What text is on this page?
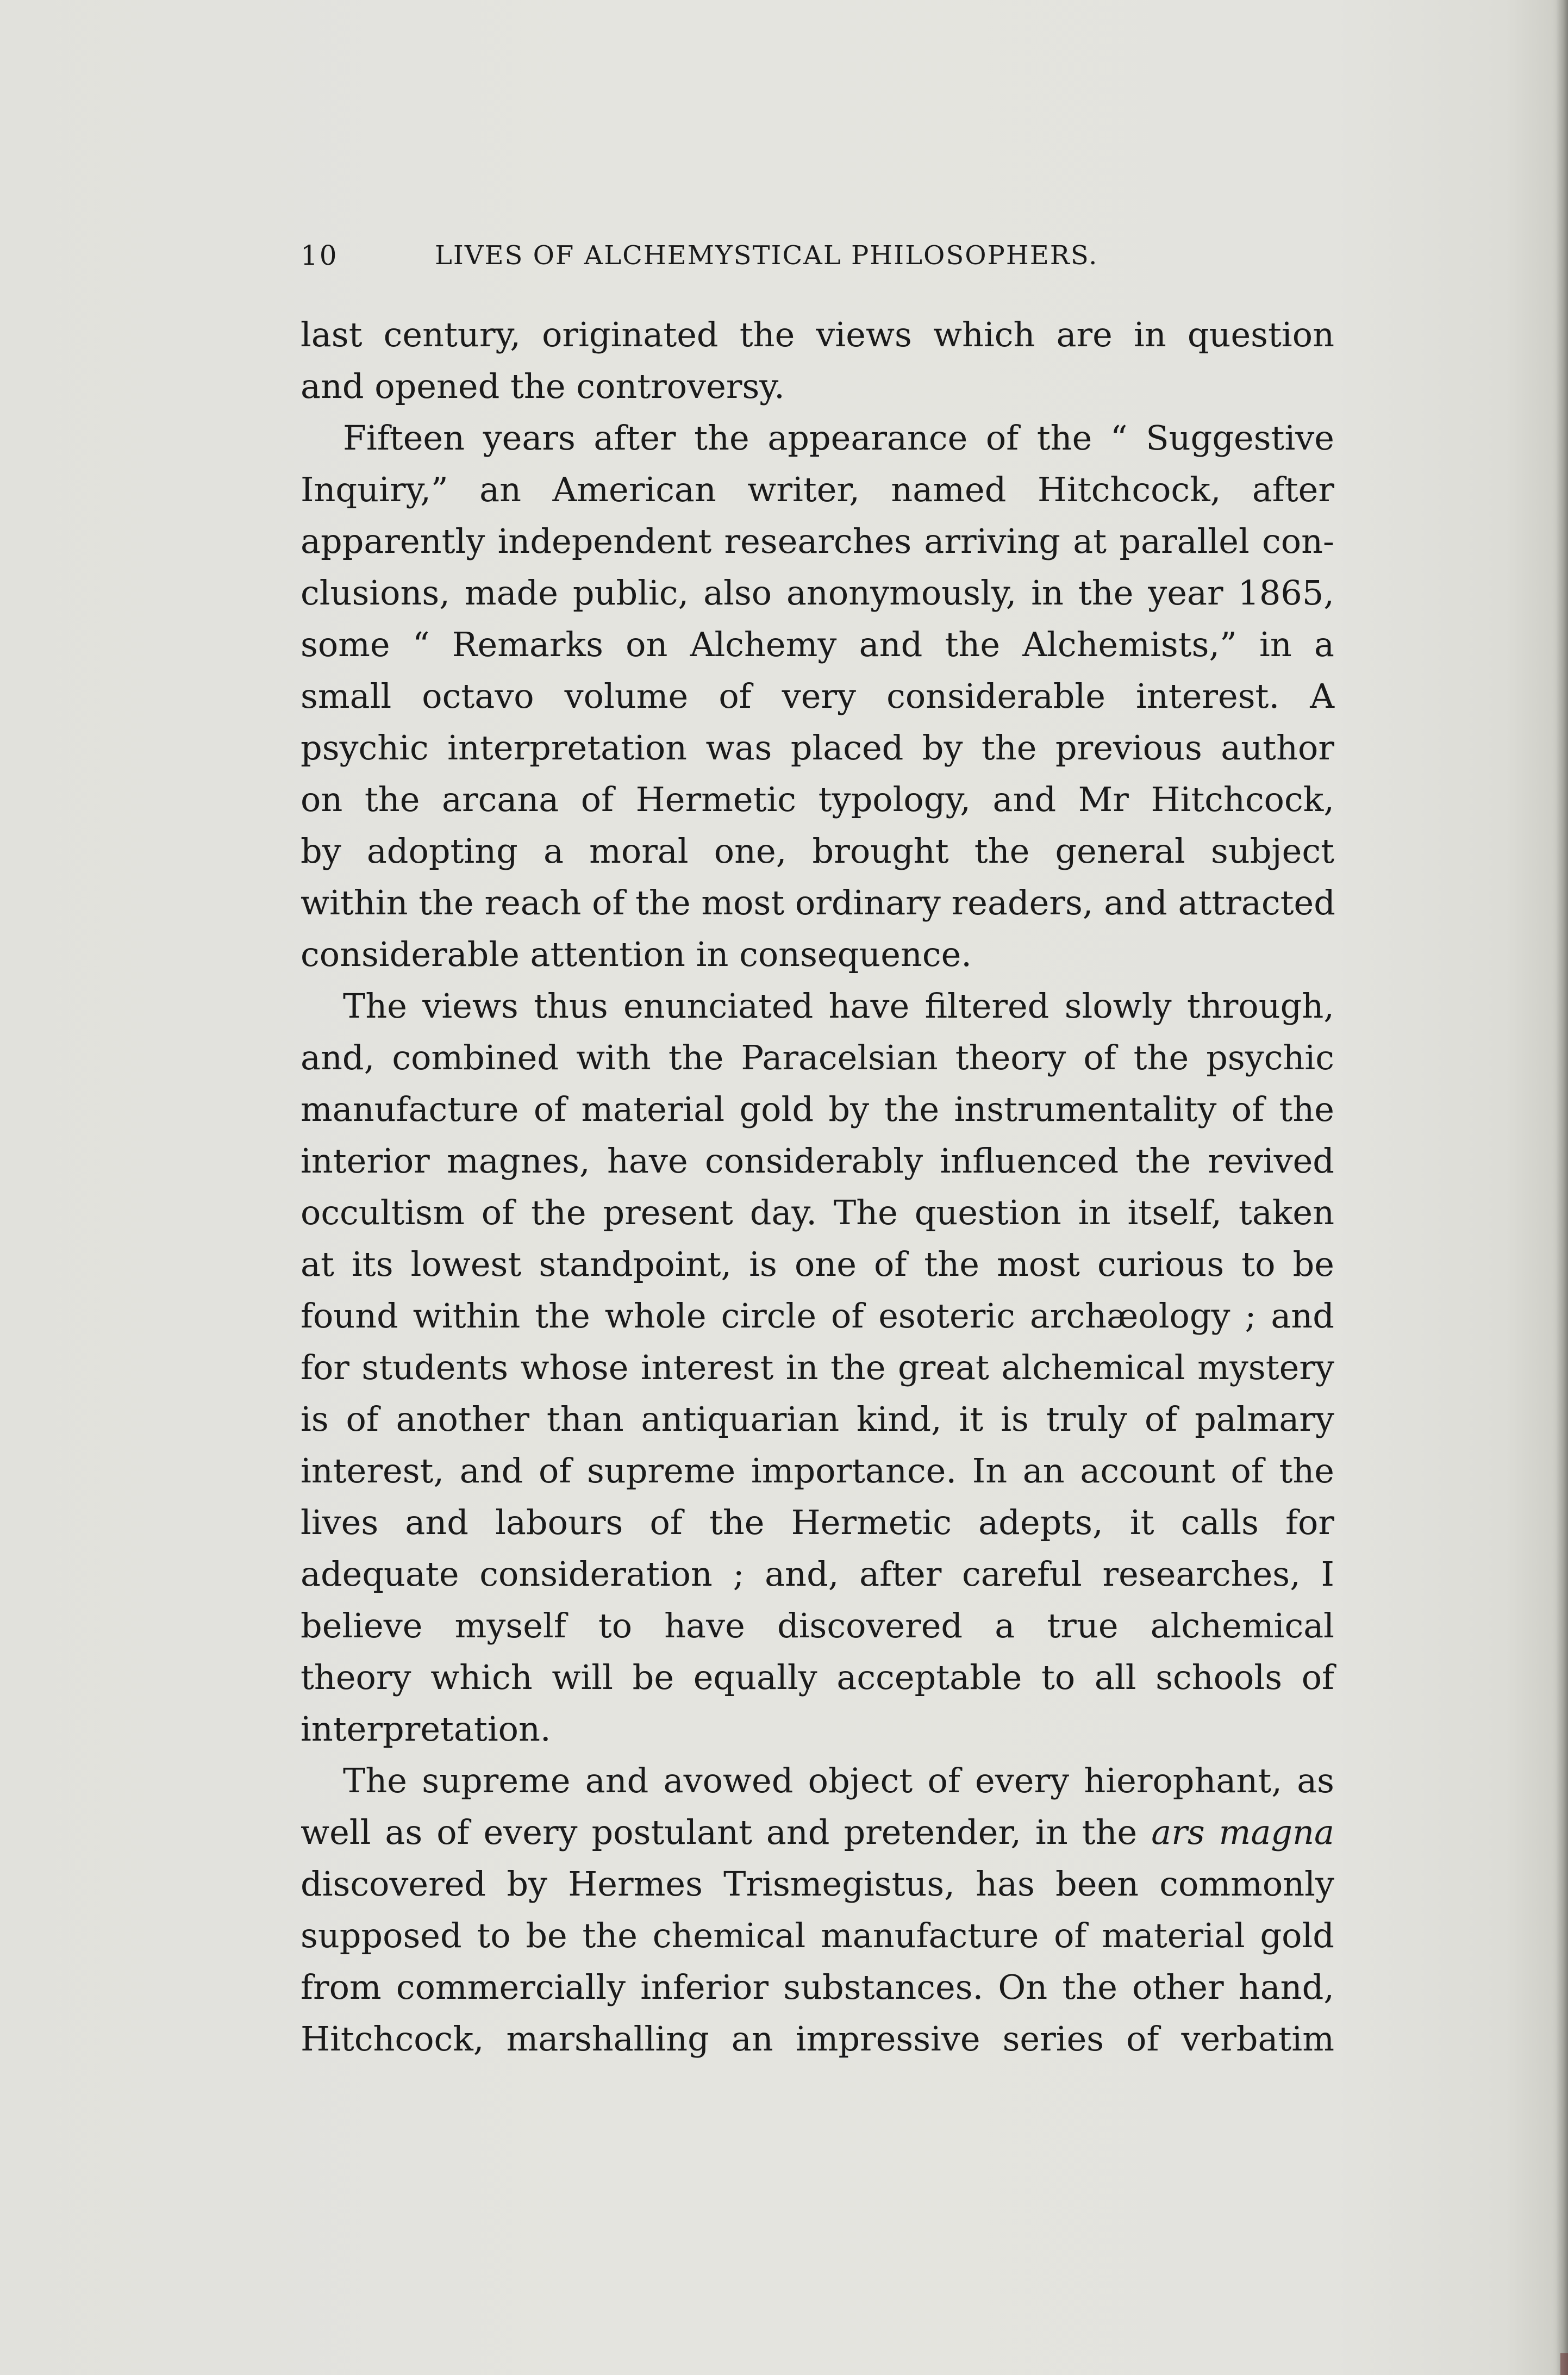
10	LIVES OF ALCHEMYSTICAL PHILOSOPHERS.
last century, originated the views which are in question
and opened the controversy.
Fifteen years after the appearance of the “ Suggestive
Inquiry,” an American writer, named Hitchcock, after
apparently independent researches arriving at parallel con-
clusions, made public, also anonymously, in the year 1865,
some “ Remarks on Alchemy and the Alchemists,” in a
small octavo volume of very considerable interest. A
psychic interpretation was placed by the previous author
on the arcana of Hermetic typology, and Mr Hitchcock,
by adopting a moral one, brought the general subject
within the reach of the most ordinary readers, and attracted
considerable attention in consequence.
The views thus enunciated have filtered slowly through,
and, combined with the Paracelsian theory of the psychic
manufacture of material gold by the instrumentality of the
interior magnes, have considerably influenced the revived
occultism of the present day. The question in itself, taken
at its lowest standpoint, is one of the most curious to be
found within the whole circle of esoteric archæology ; and
for students whose interest in the great alchemical mystery
is of another than antiquarian kind, it is truly of palmary
interest, and of supreme importance. In an account of the
lives and labours of the Hermetic adepts, it calls for
adequate consideration ; and, after careful researches, I
believe myself to have discovered a true alchemical
theory which will be equally acceptable to all schools of
interpretation.
The supreme and avowed object of every hierophant, as
well as of every postulant and pretender, in the ars magna
discovered by Hermes Trismegistus, has been commonly
supposed to be the chemical manufacture of material gold
from commercially inferior substances. On the other hand,
Hitchcock, marshalling an impressive series of verbatim
